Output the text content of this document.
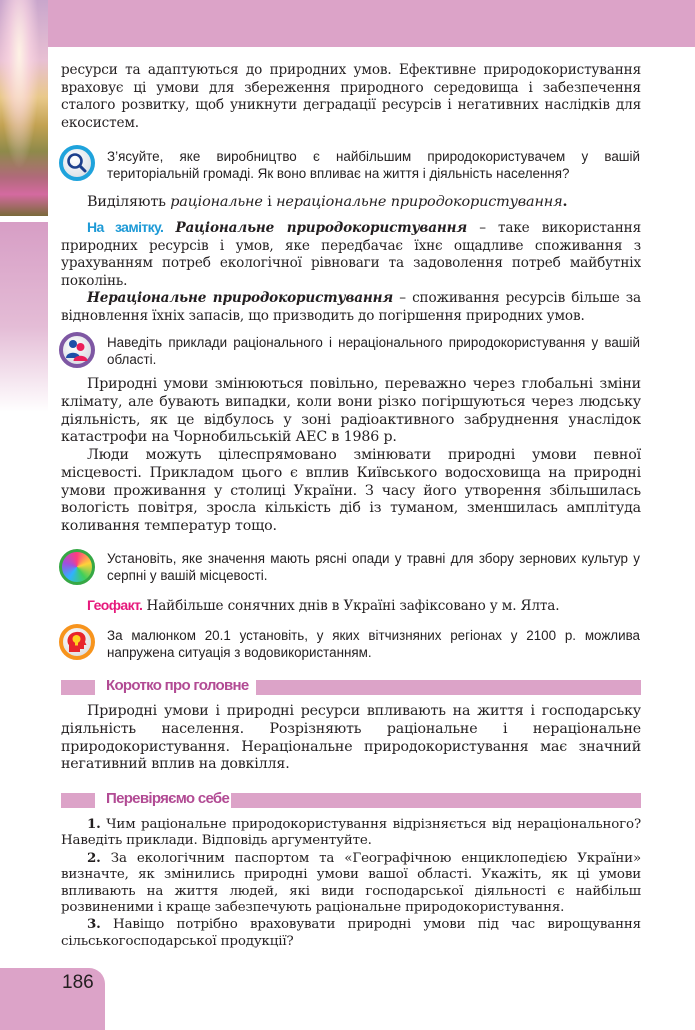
ресурси та адаптуються до природних умов. Ефективне природокористування враховує ці умови для збереження природного середовища і забезпечення сталого розвитку, щоб уникнути деградації ресурсів і негативних наслідків для екосистем.
З’ясуйте, яке виробництво є найбільшим природокористувачем у вашій територіальній громаді. Як воно впливає на життя і діяльність населення?
Виділяють раціональне і нераціональне природокористування.
На замітку. Раціональне природокористування – таке використання природних ресурсів і умов, яке передбачає їхнє ощадливе споживання з урахуванням потреб екологічної рівноваги та задоволення потреб майбутніх поколінь.
Нераціональне природокористування – споживання ресурсів більше за відновлення їхніх запасів, що призводить до погіршення природних умов.
Наведіть приклади раціонального і нераціонального природокористування у вашій області.
Природні умови змінюються повільно, переважно через глобальні зміни клімату, але бувають випадки, коли вони різко погіршуються через людську діяльність, як це відбулось у зоні радіоактивного забруднення унаслідок катастрофи на Чорнобильській АЕС в 1986 р.
Люди можуть цілеспрямовано змінювати природні умови певної місцевості. Прикладом цього є вплив Київського водосховища на природні умови проживання у столиці України. З часу його утворення збільшилась вологість повітря, зросла кількість діб із туманом, зменшилась амплітуда коливання температур тощо.
Установіть, яке значення мають рясні опади у травні для збору зернових культур у серпні у вашій місцевості.
Геофакт. Найбільше сонячних днів в Україні зафіксовано у м. Ялта.
За малюнком 20.1 установіть, у яких вітчизняних регіонах у 2100 р. можлива напружена ситуація з водовикористанням.
Коротко про головне
Природні умови і природні ресурси впливають на життя і господарську діяльність населення. Розрізняють раціональне і нераціональне природокористування. Нераціональне природокористування має значний негативний вплив на довкілля.
Перевіряємо себе
1. Чим раціональне природокористування відрізняється від нераціонального? Наведіть приклади. Відповідь аргументуйте.
2. За екологічним паспортом та «Географічною енциклопедією України» визначте, як змінились природні умови вашої області. Укажіть, як ці умови впливають на життя людей, які види господарської діяльності є найбільш розвиненими і краще забезпечують раціональне природокористування.
3. Навіщо потрібно враховувати природні умови під час вирощування сільськогосподарської продукції?
186
